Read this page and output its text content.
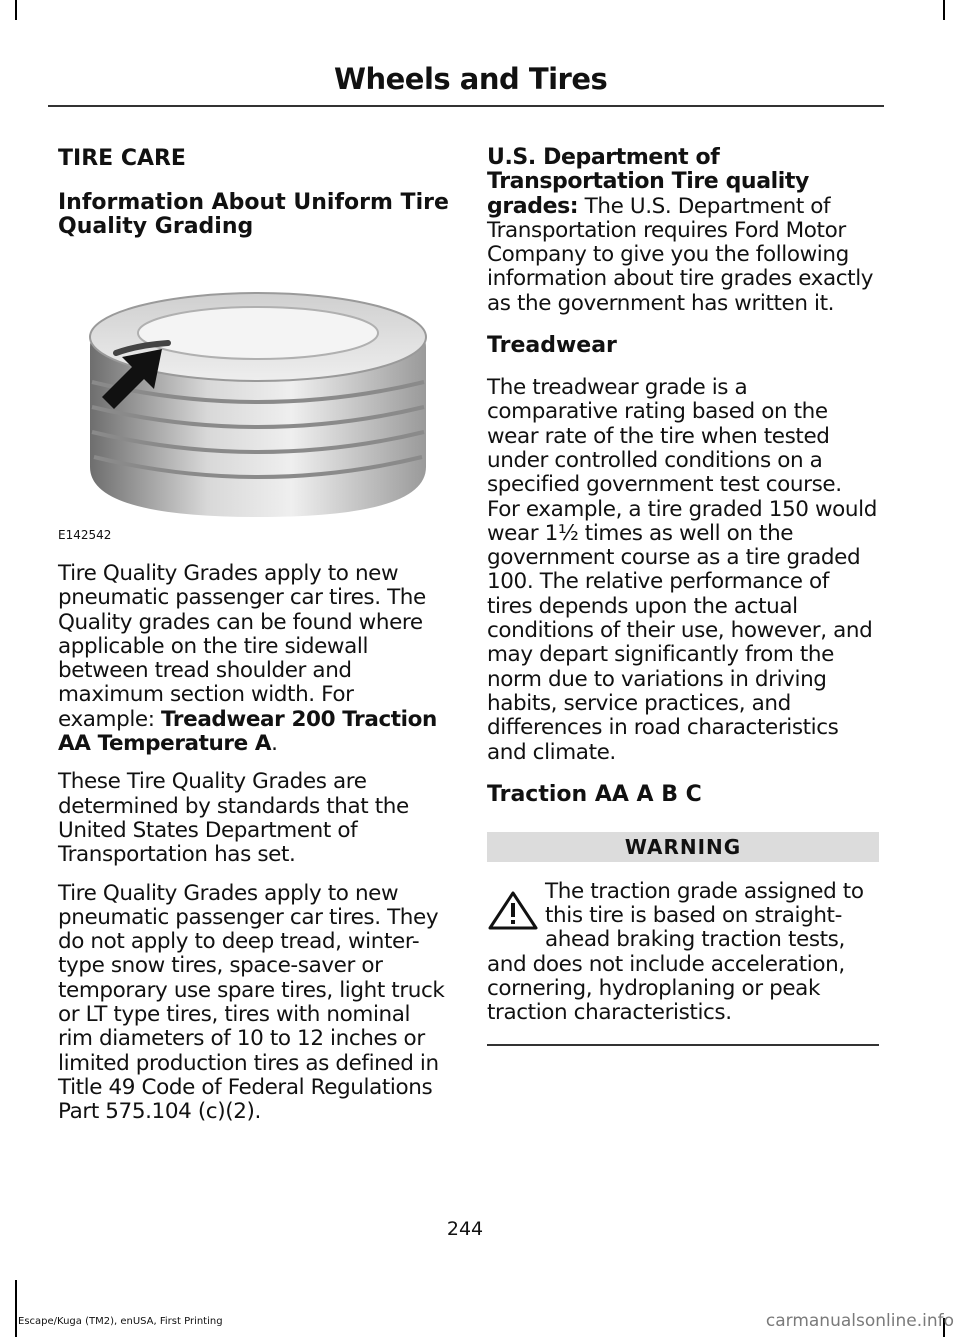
Wheels and Tires
TIRE CARE
Information About Uniform Tire Quality Grading
E142542

Tire Quality Grades apply to new pneumatic passenger car tires. The Quality grades can be found where applicable on the tire sidewall between tread shoulder and maximum section width. For example: Treadwear 200 Traction AA Temperature A.

These Tire Quality Grades are determined by standards that the United States Department of Transportation has set.

Tire Quality Grades apply to new pneumatic passenger car tires. They do not apply to deep tread, winter-type snow tires, space-saver or temporary use spare tires, light truck or LT type tires, tires with nominal rim diameters of 10 to 12 inches or limited production tires as defined in Title 49 Code of Federal Regulations Part 575.104 (c)(2).

U.S. Department of Transportation Tire quality grades: The U.S. Department of Transportation requires Ford Motor Company to give you the following information about tire grades exactly as the government has written it.

Treadwear

The treadwear grade is a comparative rating based on the wear rate of the tire when tested under controlled conditions on a specified government test course. For example, a tire graded 150 would wear 1½ times as well on the government course as a tire graded 100. The relative performance of tires depends upon the actual conditions of their use, however, and may depart significantly from the norm due to variations in driving habits, service practices, and differences in road characteristics and climate.

Traction AA A B C
WARNING
The traction grade assigned to this tire is based on straight-ahead braking traction tests, and does not include acceleration, cornering, hydroplaning or peak traction characteristics.
244
Escape/Kuga (TM2), enUSA, First Printing	carmanualsonline.info
